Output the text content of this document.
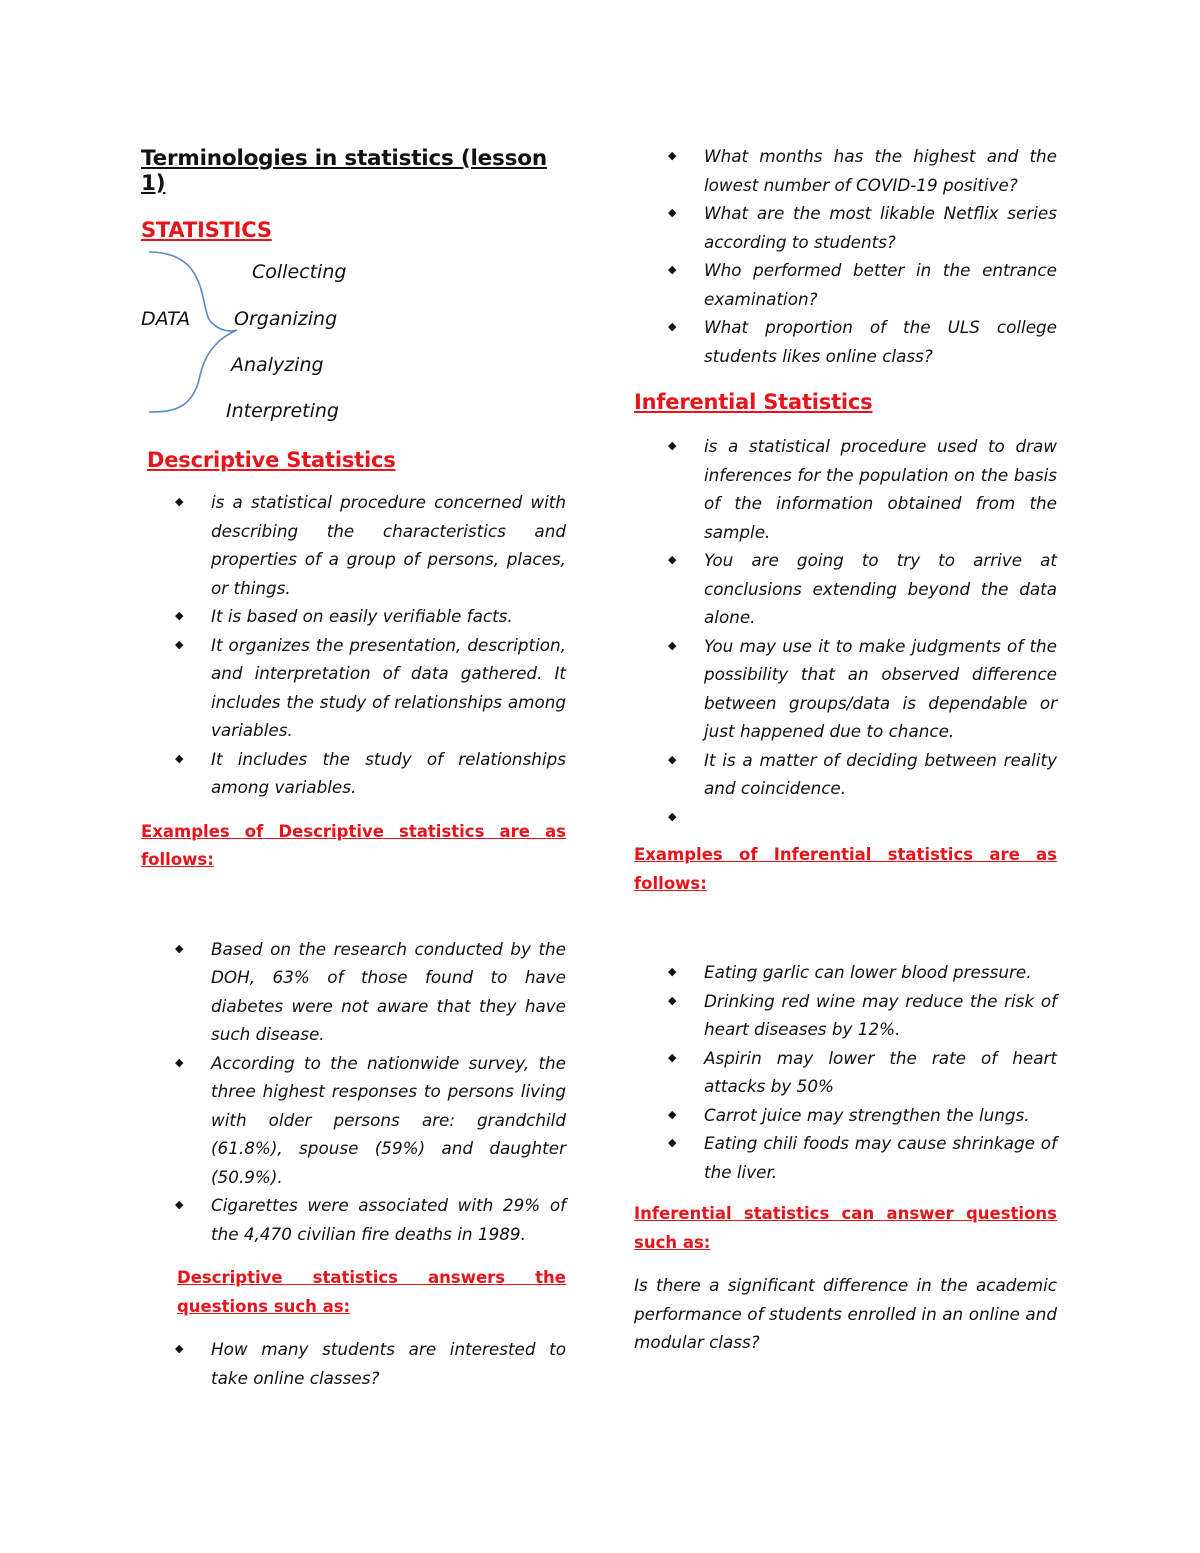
Terminologies in statistics (lesson 1)
STATISTICS
DATA
Collecting
Organizing
Analyzing
Interpreting
Descriptive Statistics
◆ is a statistical procedure concerned with describing the characteristics and properties of a group of persons, places, or things.
◆ It is based on easily verifiable facts.
◆ It organizes the presentation, description, and interpretation of data gathered. It includes the study of relationships among variables.
◆ It includes the study of relationships among variables.
Examples of Descriptive statistics are as follows:
◆ Based on the research conducted by the DOH, 63% of those found to have diabetes were not aware that they have such disease.
◆ According to the nationwide survey, the three highest responses to persons living with older persons are: grandchild (61.8%), spouse (59%) and daughter (50.9%).
◆ Cigarettes were associated with 29% of the 4,470 civilian fire deaths in 1989.
Descriptive statistics answers the questions such as:
◆ How many students are interested to take online classes?
◆ What months has the highest and the lowest number of COVID-19 positive?
◆ What are the most likable Netflix series according to students?
◆ Who performed better in the entrance examination?
◆ What proportion of the ULS college students likes online class?
Inferential Statistics
◆ is a statistical procedure used to draw inferences for the population on the basis of the information obtained from the sample.
◆ You are going to try to arrive at conclusions extending beyond the data alone.
◆ You may use it to make judgments of the possibility that an observed difference between groups/data is dependable or just happened due to chance.
◆ It is a matter of deciding between reality and coincidence.
◆
Examples of Inferential statistics are as follows:
◆ Eating garlic can lower blood pressure.
◆ Drinking red wine may reduce the risk of heart diseases by 12%.
◆ Aspirin may lower the rate of heart attacks by 50%
◆ Carrot juice may strengthen the lungs.
◆ Eating chili foods may cause shrinkage of the liver.
Inferential statistics can answer questions such as:
Is there a significant difference in the academic performance of students enrolled in an online and modular class?
